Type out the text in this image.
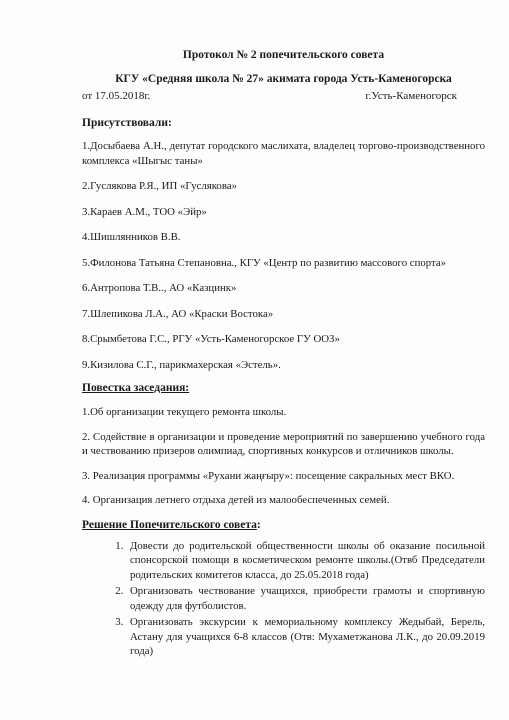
Протокол № 2 попечительского совета

КГУ «Средняя школа № 27» акимата города Усть-Каменогорска

от 17.05.2018г.	г.Усть-Каменогорск

Присутствовали:

1.Досыбаева А.Н., депутат городского маслихата, владелец торгово-производственного комплекса «Шыгыс таны»

2.Гуслякова Р.Я., ИП «Гуслякова»

3.Караев А.М., ТОО «Эйр»

4.Шишлянников В.В.

5.Филонова Татьяна Степановна., КГУ «Центр по развитию массового спорта»

6.Антропова Т.В.., АО «Казцинк»

7.Шлепикова Л.А., АО «Краски Востока»

8.Срымбетова Г.С., РГУ «Усть-Каменогорское ГУ ООЗ»

9.Кизилова С.Г., парикмахерская «Эстель».

Повестка заседания:

1.Об организации текущего ремонта школы.

2. Содействие в организации и проведение мероприятий по завершению учебного года и чествованию призеров олимпиад, спортивных конкурсов и отличников школы.

3. Реализация программы «Рухани жаңғыру»: посещение сакральных мест ВКО.

4. Организация летнего отдыха детей из малообеспеченных семей.

Решение Попечительского совета:

1. Довести до родительской общественности школы об оказание посильной спонсорской помощи в косметическом ремонте школы.(Отвб Председатели родительских комитетов класса, до 25.05.2018 года)
2. Организовать чествование учащихся, приобрести грамоты и спортивную одежду для футболистов.
3. Организовать экскурсии к мемориальному комплексу Жедыбай, Берель, Астану для учащихся 6-8 классов (Отв: Мухаметжанова Л.К., до 20.09.2019 года)
